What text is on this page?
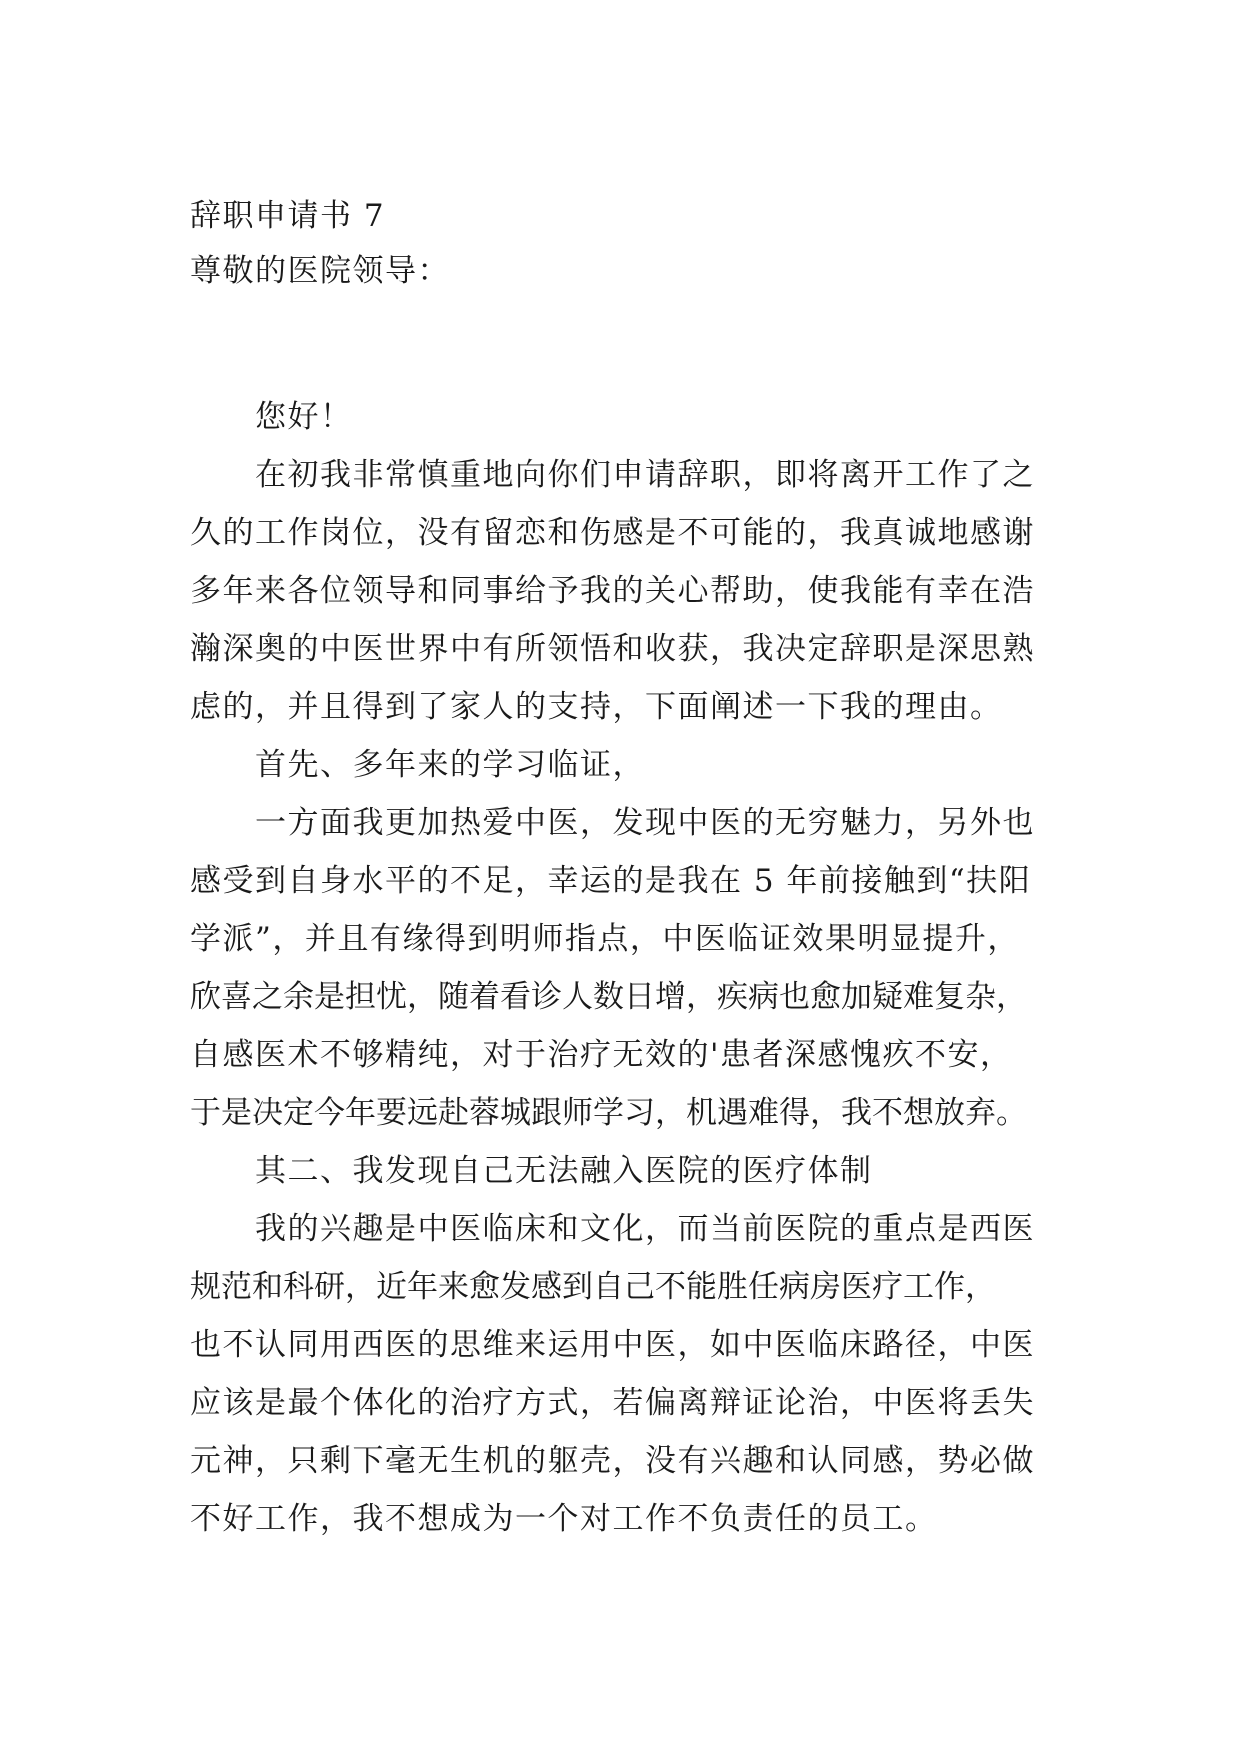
辞职申请书 7

尊敬的医院领导：

您好！

在初我非常慎重地向你们申请辞职，即将离开工作了之

久的工作岗位，没有留恋和伤感是不可能的，我真诚地感谢

多年来各位领导和同事给予我的关心帮助，使我能有幸在浩

瀚深奥的中医世界中有所领悟和收获，我决定辞职是深思熟

虑的，并且得到了家人的支持，下面阐述一下我的理由。

首先、多年来的学习临证，

一方面我更加热爱中医，发现中医的无穷魅力，另外也

感受到自身水平的不足，幸运的是我在 5 年前接触到“扶阳

学派”，并且有缘得到明师指点，中医临证效果明显提升，

欣喜之余是担忧，随着看诊人数日增，疾病也愈加疑难复杂，

自感医术不够精纯，对于治疗无效的'患者深感愧疚不安，

于是决定今年要远赴蓉城跟师学习，机遇难得，我不想放弃。

其二、我发现自己无法融入医院的医疗体制

我的兴趣是中医临床和文化，而当前医院的重点是西医

规范和科研，近年来愈发感到自己不能胜任病房医疗工作，

也不认同用西医的思维来运用中医，如中医临床路径，中医

应该是最个体化的治疗方式，若偏离辩证论治，中医将丢失

元神，只剩下毫无生机的躯壳，没有兴趣和认同感，势必做

不好工作，我不想成为一个对工作不负责任的员工。
